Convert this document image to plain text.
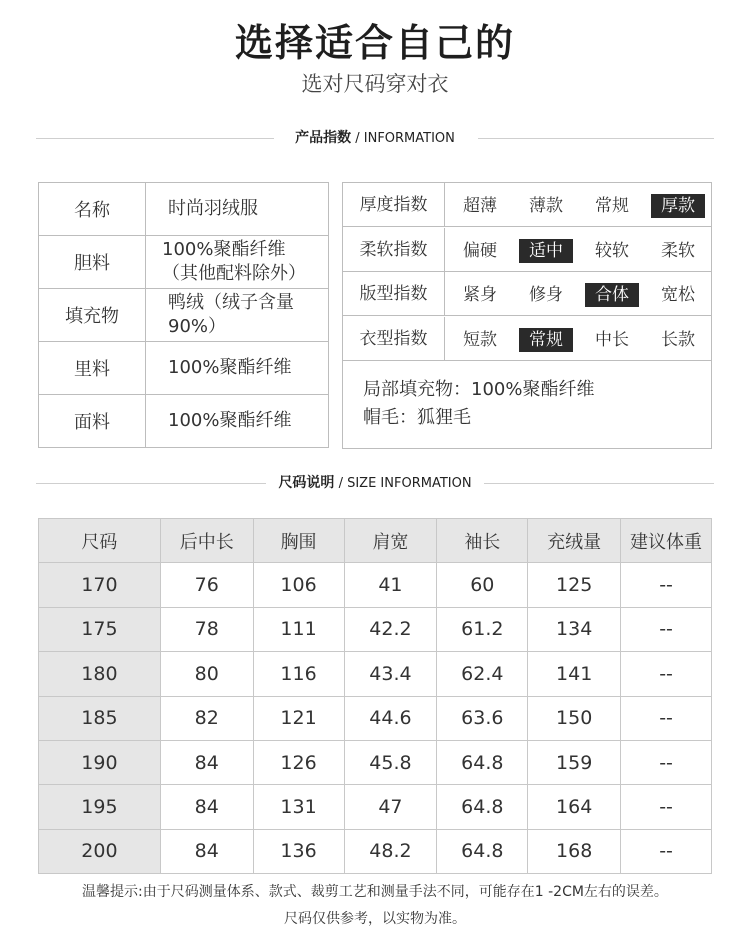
选择适合自己的
选对尺码穿对衣
产品指数 / INFORMATION
名称	时尚羽绒服
胆料	100%聚酯纤维
（其他配料除外）

填充物	鸭绒（绒子含量90%）
里料	100%聚酯纤维
面料	100%聚酯纤维
衣型指数	短款	常规	中长	长款
版型指数	紧身	修身	合体	宽松
柔软指数	偏硬	适中	较软	柔软
厚度指数	超薄	薄款	常规	厚款
局部填充物：100%聚酯纤维
帽毛：狐狸毛
尺码说明 / SIZE INFORMATION
尺码	后中长	胸围	肩宽	袖长	充绒量	建议体重
170	76	106	41	60	125	--
175	78	111	42.2	61.2	134	--
180	80	116	43.4	62.4	141	--
185	82	121	44.6	63.6	150	--
190	84	126	45.8	64.8	159	--
195	84	131	47	64.8	164	--
200	84	136	48.2	64.8	168	--
温馨提示:由于尺码测量体系、款式、裁剪工艺和测量手法不同，可能存在1 -2CM左右的误差。
尺码仅供参考，以实物为准。
